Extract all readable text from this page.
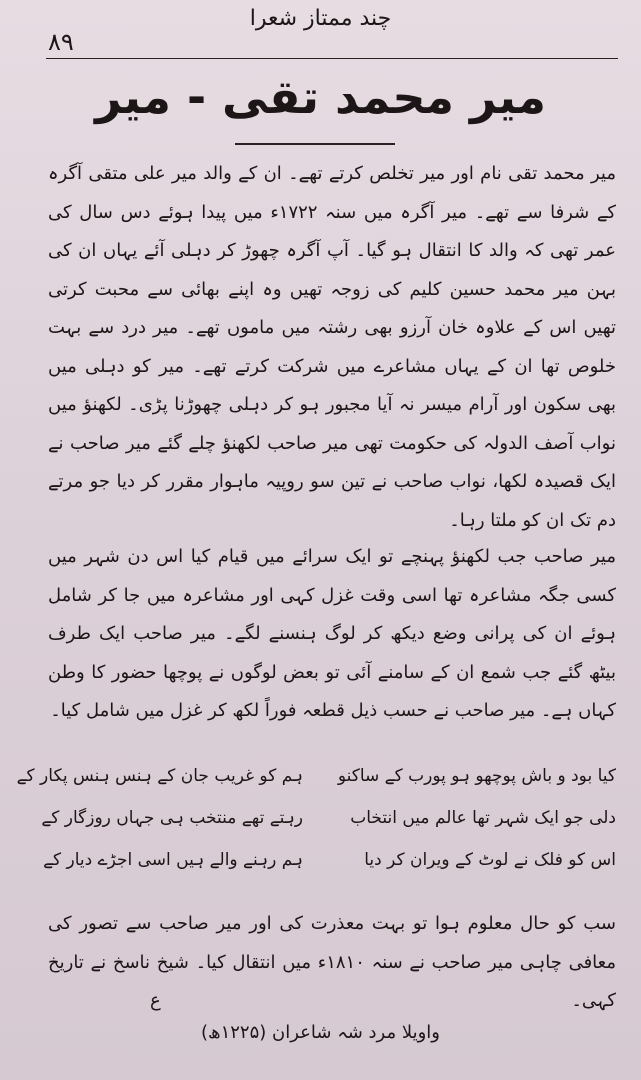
چند ممتاز شعرا
۸۹
میر محمد تقی - میر
میر محمد تقی نام اور میر تخلص کرتے تھے۔ ان کے والد میر علی متقی آگرہ کے شرفا سے تھے۔ میر آگرہ میں سنہ ۱۷۲۲ء میں پیدا ہوئے دس سال کی عمر تھی کہ والد کا انتقال ہو گیا۔ آپ آگرہ چھوڑ کر دہلی آئے یہاں ان کی بہن میر محمد حسین کلیم کی زوجہ تھیں وہ اپنے بھائی سے محبت کرتی تھیں اس کے علاوہ خان آرزو بھی رشتہ میں ماموں تھے۔ میر درد سے بہت خلوص تھا ان کے یہاں مشاعرے میں شرکت کرتے تھے۔ میر کو دہلی میں بھی سکون اور آرام میسر نہ آیا مجبور ہو کر دہلی چھوڑنا پڑی۔ لکھنؤ میں نواب آصف الدولہ کی حکومت تھی میر صاحب لکھنؤ چلے گئے میر صاحب نے ایک قصیدہ لکھا، نواب صاحب نے تین سو روپیہ ماہوار مقرر کر دیا جو مرتے دم تک ان کو ملتا رہا۔
میر صاحب جب لکھنؤ پہنچے تو ایک سرائے میں قیام کیا اس دن شہر میں کسی جگہ مشاعرہ تھا اسی وقت غزل کہی اور مشاعرہ میں جا کر شامل ہوئے ان کی پرانی وضع دیکھ کر لوگ ہنسنے لگے۔ میر صاحب ایک طرف بیٹھ گئے جب شمع ان کے سامنے آئی تو بعض لوگوں نے پوچھا حضور کا وطن کہاں ہے۔ میر صاحب نے حسب ذیل قطعہ فوراً لکھ کر غزل میں شامل کیا۔
کیا بود و باش پوچھو ہو پورب کے ساکنو
دلی جو ایک شہر تھا عالم میں انتخاب
اس کو فلک نے لوٹ کے ویران کر دیا
ہم کو غریب جان کے ہنس ہنس پکار کے
رہتے تھے منتخب ہی جہاں روزگار کے
ہم رہنے والے ہیں اسی اجڑے دیار کے
سب کو حال معلوم ہوا تو بہت معذرت کی اور میر صاحب سے تصور کی معافی چاہی میر صاحب نے سنہ ۱۸۱۰ء میں انتقال کیا۔ شیخ ناسخ نے تاریخ کہی۔
ع
واویلا مرد شہ شاعران (۱۲۲۵ھ)
